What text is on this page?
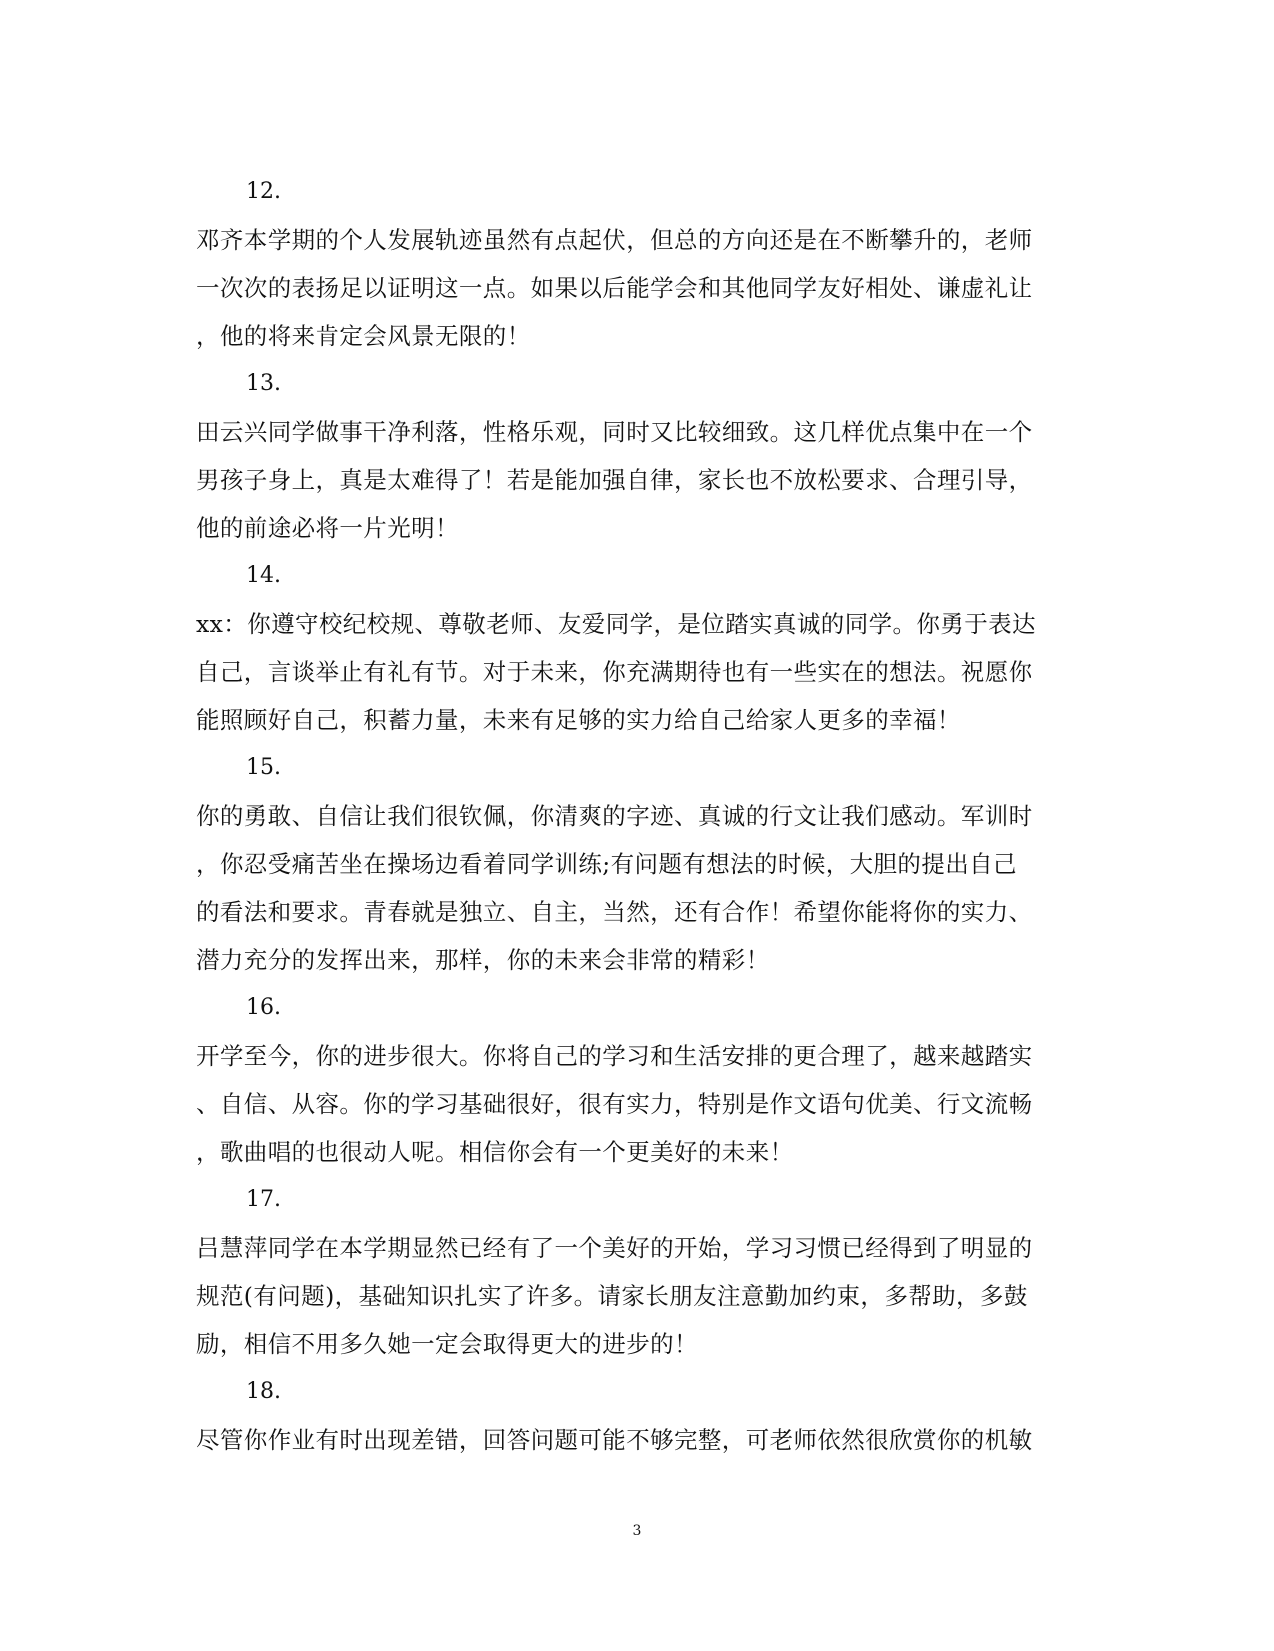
12.
邓齐本学期的个人发展轨迹虽然有点起伏，但总的方向还是在不断攀升的，老师
一次次的表扬足以证明这一点。如果以后能学会和其他同学友好相处、谦虚礼让
，他的将来肯定会风景无限的！
13.
田云兴同学做事干净利落，性格乐观，同时又比较细致。这几样优点集中在一个
男孩子身上，真是太难得了！若是能加强自律，家长也不放松要求、合理引导，
他的前途必将一片光明！
14.
xx：你遵守校纪校规、尊敬老师、友爱同学，是位踏实真诚的同学。你勇于表达
自己，言谈举止有礼有节。对于未来，你充满期待也有一些实在的想法。祝愿你
能照顾好自己，积蓄力量，未来有足够的实力给自己给家人更多的幸福！
15.
你的勇敢、自信让我们很钦佩，你清爽的字迹、真诚的行文让我们感动。军训时
，你忍受痛苦坐在操场边看着同学训练;有问题有想法的时候，大胆的提出自己
的看法和要求。青春就是独立、自主，当然，还有合作！希望你能将你的实力、
潜力充分的发挥出来，那样，你的未来会非常的精彩！
16.
开学至今，你的进步很大。你将自己的学习和生活安排的更合理了，越来越踏实
、自信、从容。你的学习基础很好，很有实力，特别是作文语句优美、行文流畅
，歌曲唱的也很动人呢。相信你会有一个更美好的未来！
17.
吕慧萍同学在本学期显然已经有了一个美好的开始，学习习惯已经得到了明显的
规范(有问题)，基础知识扎实了许多。请家长朋友注意勤加约束，多帮助，多鼓
励，相信不用多久她一定会取得更大的进步的！
18.
尽管你作业有时出现差错，回答问题可能不够完整，可老师依然很欣赏你的机敏
3
